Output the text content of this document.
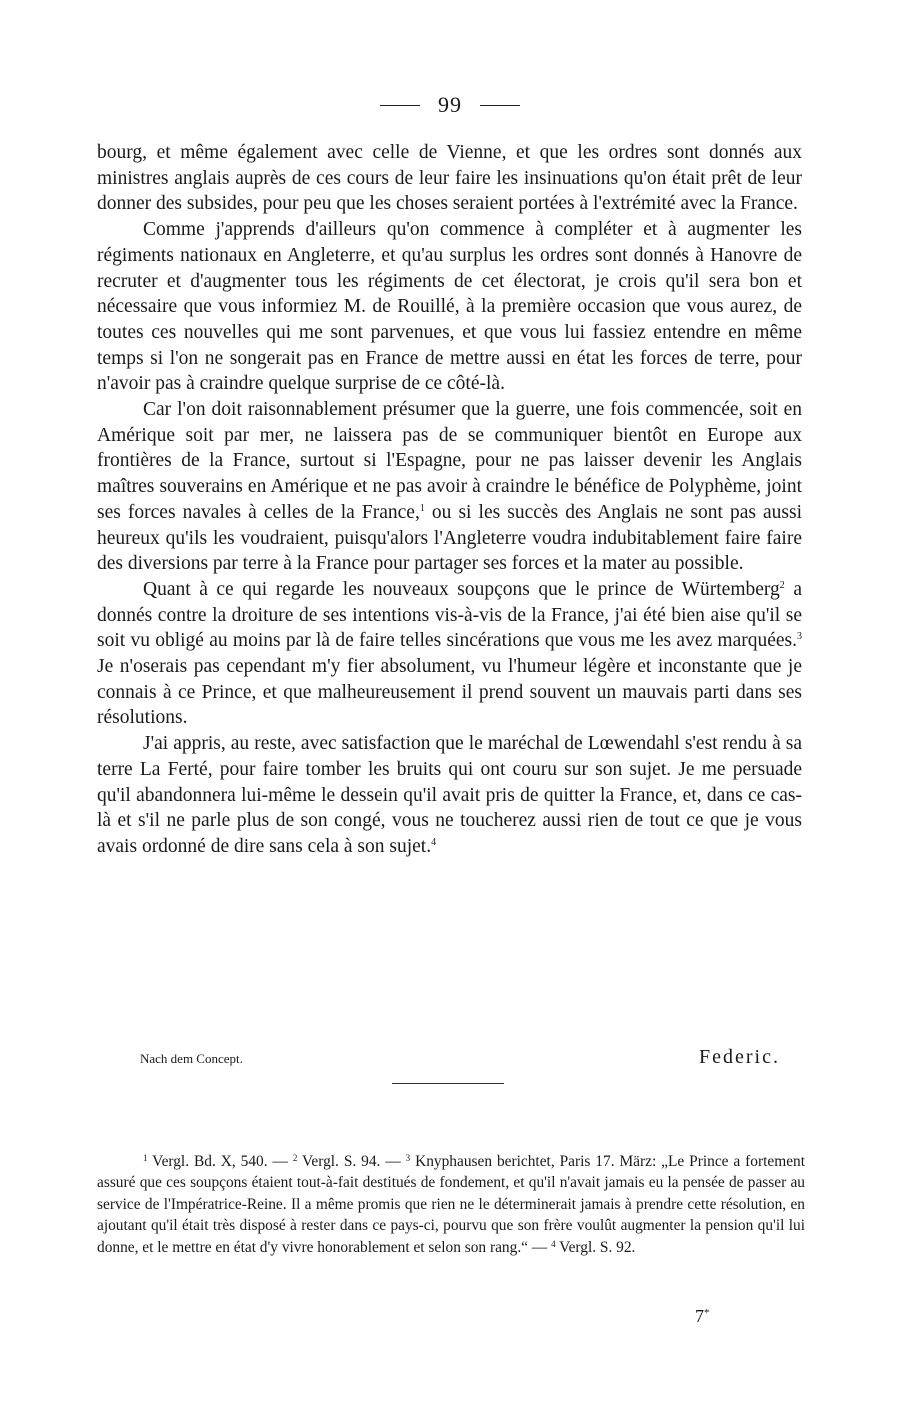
99

bourg, et même également avec celle de Vienne, et que les ordres sont donnés aux ministres anglais auprès de ces cours de leur faire les insinuations qu'on était prêt de leur donner des subsides, pour peu que les choses seraient portées à l'extrémité avec la France.

Comme j'apprends d'ailleurs qu'on commence à compléter et à augmenter les régiments nationaux en Angleterre, et qu'au surplus les ordres sont donnés à Hanovre de recruter et d'augmenter tous les régiments de cet électorat, je crois qu'il sera bon et nécessaire que vous informiez M. de Rouillé, à la première occasion que vous aurez, de toutes ces nouvelles qui me sont parvenues, et que vous lui fassiez entendre en même temps si l'on ne songerait pas en France de mettre aussi en état les forces de terre, pour n'avoir pas à craindre quelque surprise de ce côté-là.

Car l'on doit raisonnablement présumer que la guerre, une fois commencée, soit en Amérique soit par mer, ne laissera pas de se communiquer bientôt en Europe aux frontières de la France, surtout si l'Espagne, pour ne pas laisser devenir les Anglais maîtres souverains en Amérique et ne pas avoir à craindre le bénéfice de Polyphème, joint ses forces navales à celles de la France,$^1$ ou si les succès des Anglais ne sont pas aussi heureux qu'ils les voudraient, puisqu'alors l'Angleterre voudra indubitablement faire faire des diversions par terre à la France pour partager ses forces et la mater au possible.

Quant à ce qui regarde les nouveaux soupçons que le prince de Würtemberg$^2$ a donnés contre la droiture de ses intentions vis-à-vis de la France, j'ai été bien aise qu'il se soit vu obligé au moins par là de faire telles sincérations que vous me les avez marquées.$^3$ Je n'oserais pas cependant m'y fier absolument, vu l'humeur légère et inconstante que je connais à ce Prince, et que malheureusement il prend souvent un mauvais parti dans ses résolutions.

J'ai appris, au reste, avec satisfaction que le maréchal de Lœwendahl s'est rendu à sa terre La Ferté, pour faire tomber les bruits qui ont couru sur son sujet. Je me persuade qu'il abandonnera lui-même le dessein qu'il avait pris de quitter la France, et, dans ce cas-là et s'il ne parle plus de son congé, vous ne toucherez aussi rien de tout ce que je vous avais ordonné de dire sans cela à son sujet.$^4$

Nach dem Concept.	Federic.

$^1$ Vergl. Bd. X, 540. — $^2$ Vergl. S. 94. — $^3$ Knyphausen berichtet, Paris 17. März: „Le Prince a fortement assuré que ces soupçons étaient tout-à-fait destitués de fondement, et qu'il n'avait jamais eu la pensée de passer au service de l'Impératrice-Reine. Il a même promis que rien ne le déterminerait jamais à prendre cette résolution, en ajoutant qu'il était très disposé à rester dans ce pays-ci, pourvu que son frère voulût augmenter la pension qu'il lui donne, et le mettre en état d'y vivre honorablement et selon son rang.“ — $^4$ Vergl. S. 92.

7*
